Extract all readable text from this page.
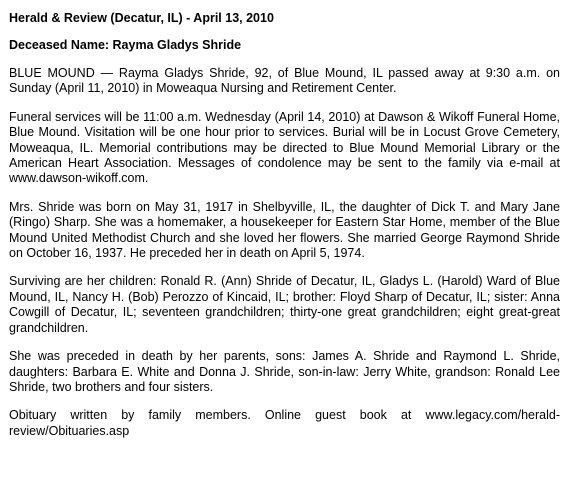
Herald & Review (Decatur, IL) - April 13, 2010

Deceased Name: Rayma Gladys Shride

BLUE MOUND — Rayma Gladys Shride, 92, of Blue Mound, IL passed away at 9:30 a.m. on Sunday (April 11, 2010) in Moweaqua Nursing and Retirement Center.

Funeral services will be 11:00 a.m. Wednesday (April 14, 2010) at Dawson & Wikoff Funeral Home, Blue Mound. Visitation will be one hour prior to services. Burial will be in Locust Grove Cemetery, Moweaqua, IL. Memorial contributions may be directed to Blue Mound Memorial Library or the American Heart Association. Messages of condolence may be sent to the family via e-mail at www.dawson-wikoff.com.

Mrs. Shride was born on May 31, 1917 in Shelbyville, IL, the daughter of Dick T. and Mary Jane (Ringo) Sharp. She was a homemaker, a housekeeper for Eastern Star Home, member of the Blue Mound United Methodist Church and she loved her flowers. She married George Raymond Shride on October 16, 1937. He preceded her in death on April 5, 1974.

Surviving are her children: Ronald R. (Ann) Shride of Decatur, IL, Gladys L. (Harold) Ward of Blue Mound, IL, Nancy H. (Bob) Perozzo of Kincaid, IL; brother: Floyd Sharp of Decatur, IL; sister: Anna Cowgill of Decatur, IL; seventeen grandchildren; thirty-one great grandchildren; eight great-great grandchildren.

She was preceded in death by her parents, sons: James A. Shride and Raymond L. Shride, daughters: Barbara E. White and Donna J. Shride, son-in-law: Jerry White, grandson: Ronald Lee Shride, two brothers and four sisters.

Obituary written by family members. Online guest book at www.legacy.com/herald-review/Obituaries.asp
